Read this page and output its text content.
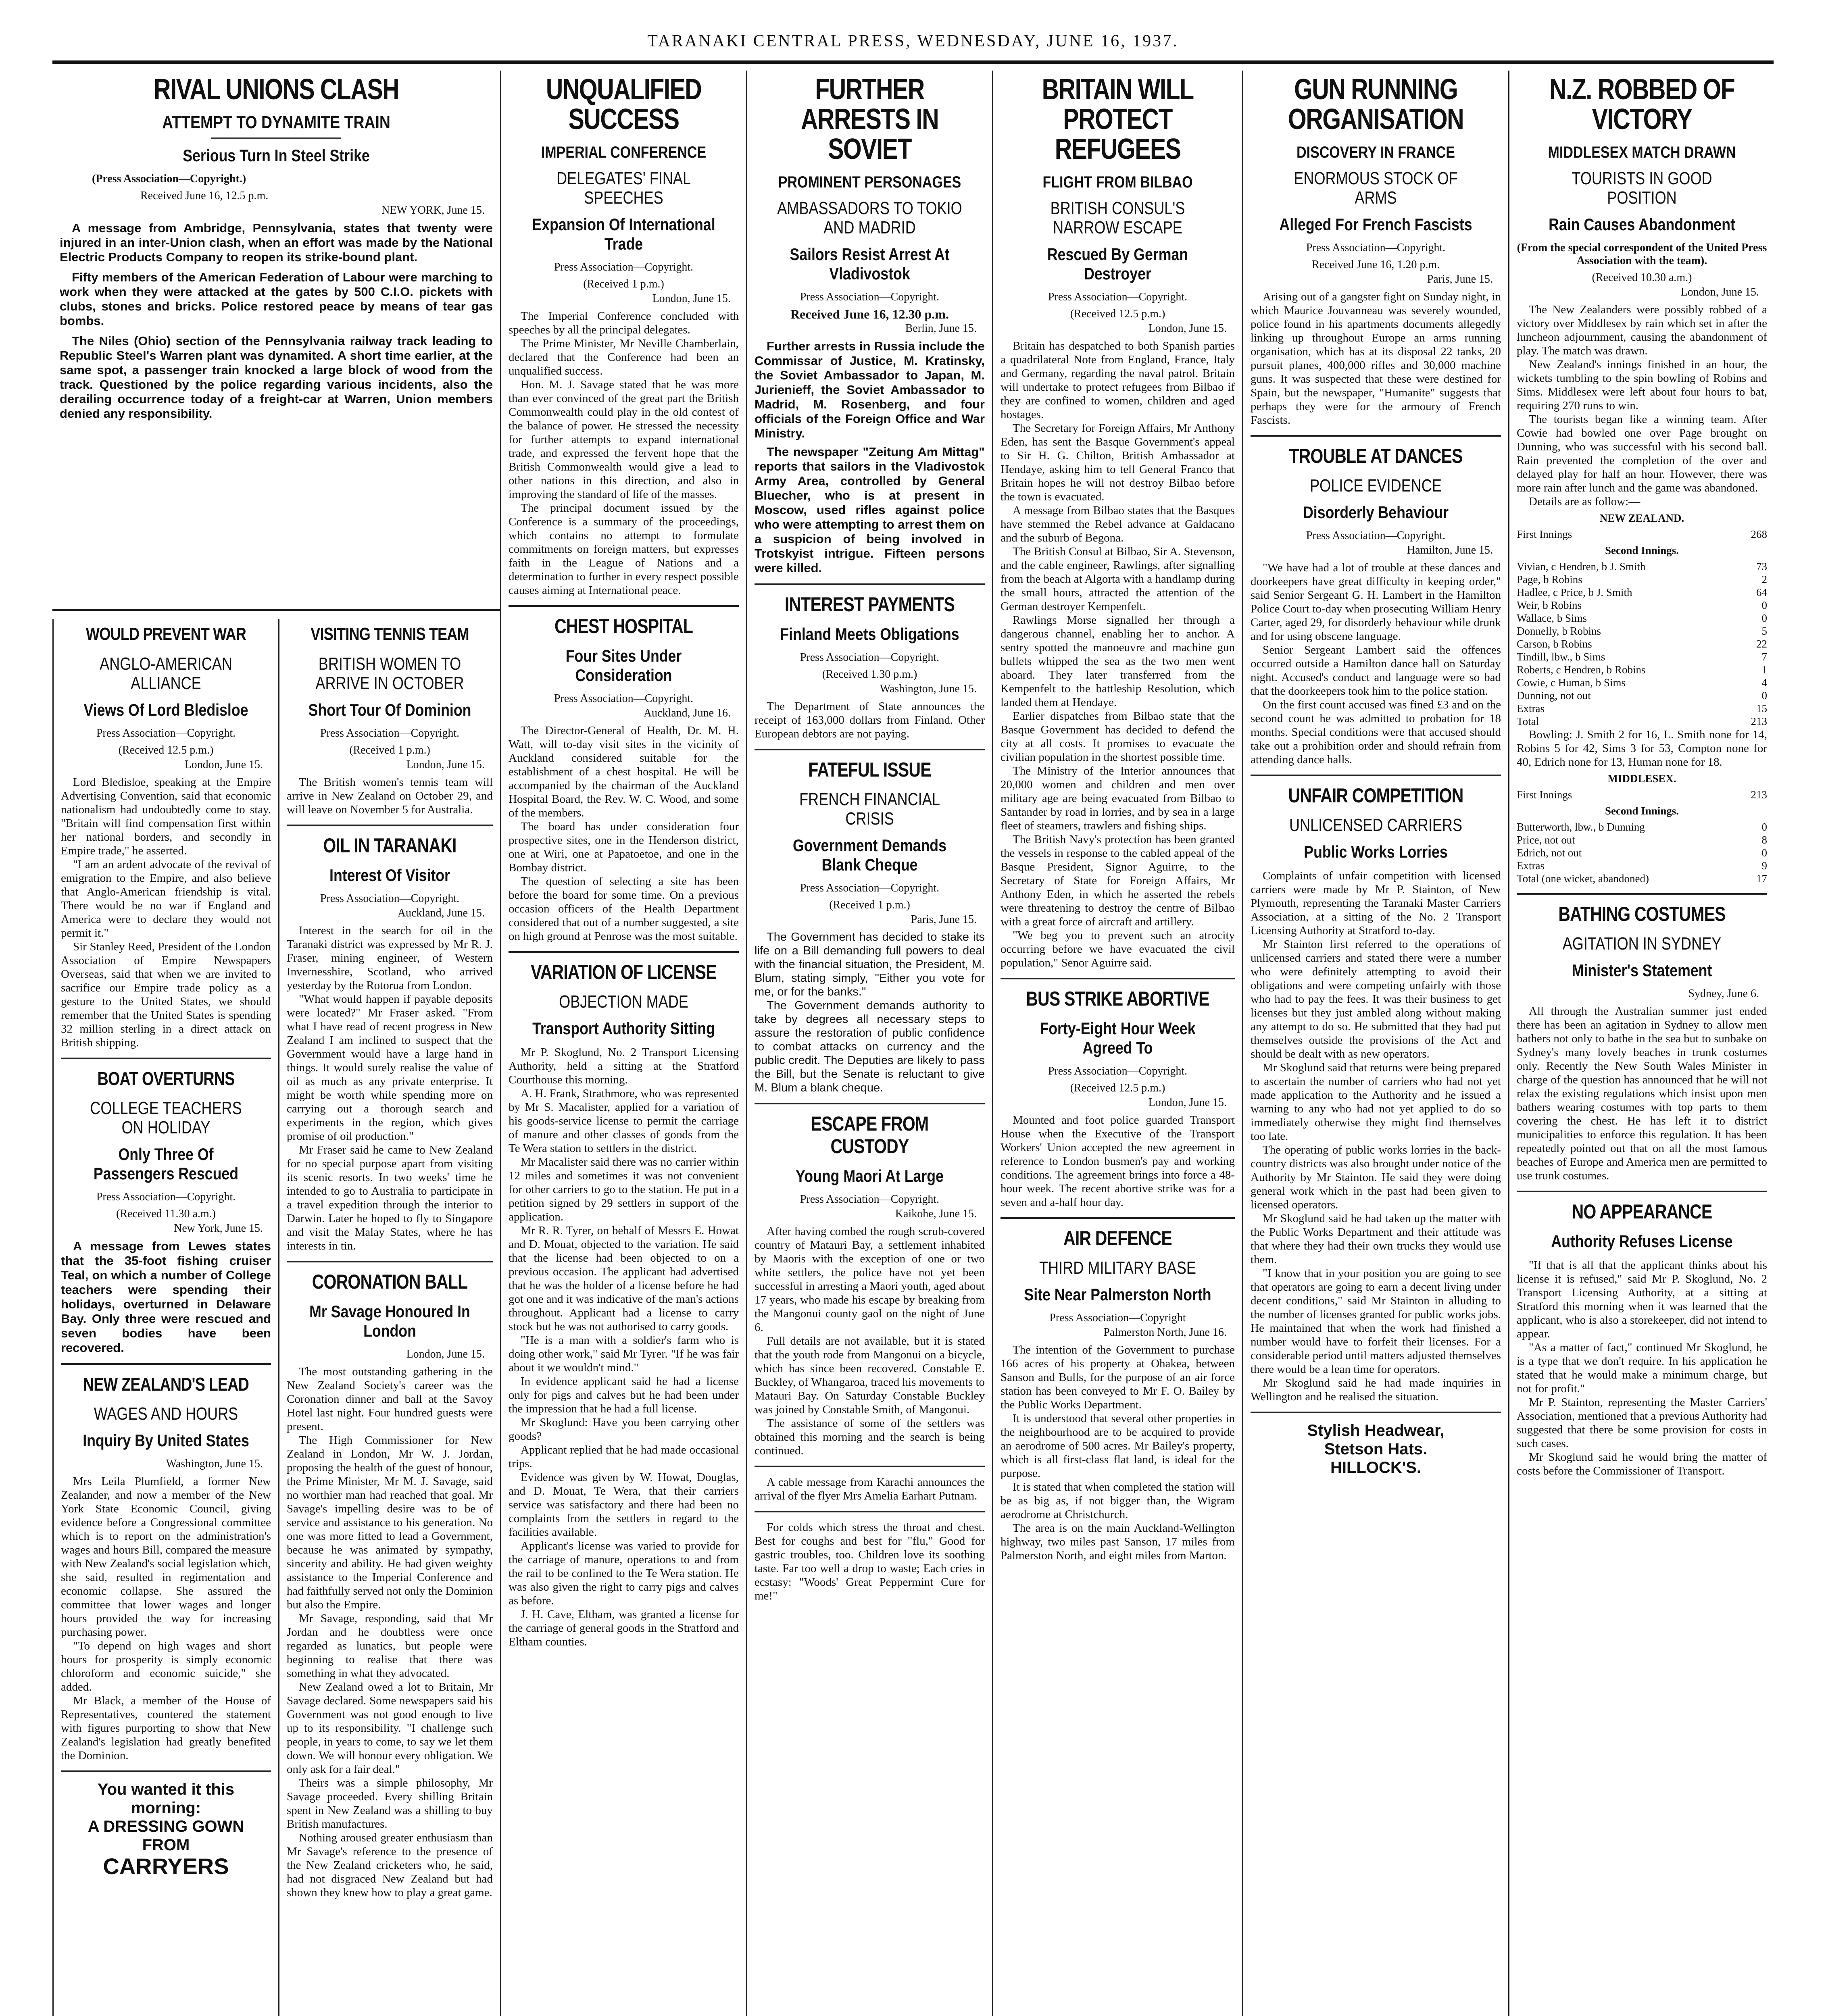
TARANAKI CENTRAL PRESS, WEDNESDAY, JUNE 16, 1937.
RIVAL UNIONS CLASH
ATTEMPT TO DYNAMITE TRAIN
Serious Turn In Steel Strike
(Press Association—Copyright.)
Received June 16, 12.5 p.m.
NEW YORK, June 15.

A message from Ambridge, Pennsylvania, states that twenty were injured in an inter-Union clash, when an effort was made by the National Electric Products Company to reopen its strike-bound plant.

Fifty members of the American Federation of Labour were marching to work when they were attacked at the gates by 500 C.I.O. pickets with clubs, stones and bricks. Police restored peace by means of tear gas bombs.

The Niles (Ohio) section of the Pennsylvania railway track leading to Republic Steel's Warren plant was dynamited. A short time earlier, at the same spot, a passenger train knocked a large block of wood from the track. Questioned by the police regarding various incidents, also the derailing occurrence today of a freight-car at Warren, Union members denied any responsibility.

WOULD PREVENT WAR
ANGLO-AMERICAN ALLIANCE
Views Of Lord Bledisloe
Press Association—Copyright.
(Received 12.5 p.m.)
London, June 15.

Lord Bledisloe, speaking at the Empire Advertising Convention, said that economic nationalism had undoubtedly come to stay. "Britain will find compensation first within her national borders, and secondly in Empire trade," he asserted.

"I am an ardent advocate of the revival of emigration to the Empire, and also believe that Anglo-American friendship is vital. There would be no war if England and America were to declare they would not permit it."

Sir Stanley Reed, President of the London Association of Empire Newspapers Overseas, said that when we are invited to sacrifice our Empire trade policy as a gesture to the United States, we should remember that the United States is spending 32 million sterling in a direct attack on British shipping.

BOAT OVERTURNS
COLLEGE TEACHERS ON HOLIDAY
Only Three Of Passengers Rescued
Press Association—Copyright.
(Received 11.30 a.m.)
New York, June 15.

A message from Lewes states that the 35-foot fishing cruiser Teal, on which a number of College teachers were spending their holidays, overturned in Delaware Bay. Only three were rescued and seven bodies have been recovered.

NEW ZEALAND'S LEAD
WAGES AND HOURS
Inquiry By United States
Washington, June 15.

Mrs Leila Plumfield, a former New Zealander, and now a member of the New York State Economic Council, giving evidence before a Congressional committee which is to report on the administration's wages and hours Bill, compared the measure with New Zealand's social legislation which, she said, resulted in regimentation and economic collapse. She assured the committee that lower wages and longer hours provided the way for increasing purchasing power.

"To depend on high wages and short hours for prosperity is simply economic chloroform and economic suicide," she added.

Mr Black, a member of the House of Representatives, countered the statement with figures purporting to show that New Zealand's legislation had greatly benefited the Dominion.

You wanted it this morning:
A DRESSING GOWN
FROM
CARRYERS
VISITING TENNIS TEAM
BRITISH WOMEN TO ARRIVE IN OCTOBER
Short Tour Of Dominion
Press Association—Copyright.
(Received 1 p.m.)
London, June 15.

The British women's tennis team will arrive in New Zealand on October 29, and will leave on November 5 for Australia.

OIL IN TARANAKI
Interest Of Visitor
Press Association—Copyright.
Auckland, June 15.

Interest in the search for oil in the Taranaki district was expressed by Mr R. J. Fraser, mining engineer, of Western Invernesshire, Scotland, who arrived yesterday by the Rotorua from London.

"What would happen if payable deposits were located?" Mr Fraser asked. "From what I have read of recent progress in New Zealand I am inclined to suspect that the Government would have a large hand in things. It would surely realise the value of oil as much as any private enterprise. It might be worth while spending more on carrying out a thorough search and experiments in the region, which gives promise of oil production."

Mr Fraser said he came to New Zealand for no special purpose apart from visiting its scenic resorts. In two weeks' time he intended to go to Australia to participate in a travel expedition through the interior to Darwin. Later he hoped to fly to Singapore and visit the Malay States, where he has interests in tin.

CORONATION BALL
Mr Savage Honoured In London
London, June 15.

The most outstanding gathering in the New Zealand Society's career was the Coronation dinner and ball at the Savoy Hotel last night. Four hundred guests were present.

The High Commissioner for New Zealand in London, Mr W. J. Jordan, proposing the health of the guest of honour, the Prime Minister, Mr M. J. Savage, said no worthier man had reached that goal. Mr Savage's impelling desire was to be of service and assistance to his generation. No one was more fitted to lead a Government, because he was animated by sympathy, sincerity and ability. He had given weighty assistance to the Imperial Conference and had faithfully served not only the Dominion but also the Empire.

Mr Savage, responding, said that Mr Jordan and he doubtless were once regarded as lunatics, but people were beginning to realise that there was something in what they advocated.

New Zealand owed a lot to Britain, Mr Savage declared. Some newspapers said his Government was not good enough to live up to its responsibility. "I challenge such people, in years to come, to say we let them down. We will honour every obligation. We only ask for a fair deal."

Theirs was a simple philosophy, Mr Savage proceeded. Every shilling Britain spent in New Zealand was a shilling to buy British manufactures.

Nothing aroused greater enthusiasm than Mr Savage's reference to the presence of the New Zealand cricketers who, he said, had not disgraced New Zealand but had shown they knew how to play a great game.

UNQUALIFIED SUCCESS
IMPERIAL CONFERENCE
DELEGATES' FINAL SPEECHES
Expansion Of International Trade
Press Association—Copyright.
(Received 1 p.m.)
London, June 15.

The Imperial Conference concluded with speeches by all the principal delegates.

The Prime Minister, Mr Neville Chamberlain, declared that the Conference had been an unqualified success.

Hon. M. J. Savage stated that he was more than ever convinced of the great part the British Commonwealth could play in the old contest of the balance of power. He stressed the necessity for further attempts to expand international trade, and expressed the fervent hope that the British Commonwealth would give a lead to other nations in this direction, and also in improving the standard of life of the masses.

The principal document issued by the Conference is a summary of the proceedings, which contains no attempt to formulate commitments on foreign matters, but expresses faith in the League of Nations and a determination to further in every respect possible causes aiming at International peace.

CHEST HOSPITAL
Four Sites Under Consideration
Press Association—Copyright.
Auckland, June 16.

The Director-General of Health, Dr. M. H. Watt, will to-day visit sites in the vicinity of Auckland considered suitable for the establishment of a chest hospital. He will be accompanied by the chairman of the Auckland Hospital Board, the Rev. W. C. Wood, and some of the members.

The board has under consideration four prospective sites, one in the Henderson district, one at Wiri, one at Papatoetoe, and one in the Bombay district.

The question of selecting a site has been before the board for some time. On a previous occasion officers of the Health Department considered that out of a number suggested, a site on high ground at Penrose was the most suitable.

VARIATION OF LICENSE
OBJECTION MADE
Transport Authority Sitting

Mr P. Skoglund, No. 2 Transport Licensing Authority, held a sitting at the Stratford Courthouse this morning.

A. H. Frank, Strathmore, who was represented by Mr S. Macalister, applied for a variation of his goods-service license to permit the carriage of manure and other classes of goods from the Te Wera station to settlers in the district.

Mr Macalister said there was no carrier within 12 miles and sometimes it was not convenient for other carriers to go to the station. He put in a petition signed by 29 settlers in support of the application.

Mr R. R. Tyrer, on behalf of Messrs E. Howat and D. Mouat, objected to the variation. He said that the license had been objected to on a previous occasion. The applicant had advertised that he was the holder of a license before he had got one and it was indicative of the man's actions throughout. Applicant had a license to carry stock but he was not authorised to carry goods.

"He is a man with a soldier's farm who is doing other work," said Mr Tyrer. "If he was fair about it we wouldn't mind."

In evidence applicant said he had a license only for pigs and calves but he had been under the impression that he had a full license.

Mr Skoglund: Have you been carrying other goods?

Applicant replied that he had made occasional trips.

Evidence was given by W. Howat, Douglas, and D. Mouat, Te Wera, that their carriers service was satisfactory and there had been no complaints from the settlers in regard to the facilities available.

Applicant's license was varied to provide for the carriage of manure, operations to and from the rail to be confined to the Te Wera station. He was also given the right to carry pigs and calves as before.

J. H. Cave, Eltham, was granted a license for the carriage of general goods in the Stratford and Eltham counties.

FURTHER ARRESTS IN SOVIET
PROMINENT PERSONAGES
AMBASSADORS TO TOKIO AND MADRID
Sailors Resist Arrest At Vladivostok
Press Association—Copyright.
Received June 16, 12.30 p.m.
Berlin, June 15.

Further arrests in Russia include the Commissar of Justice, M. Kratinsky, the Soviet Ambassador to Japan, M. Jurienieff, the Soviet Ambassador to Madrid, M. Rosenberg, and four officials of the Foreign Office and War Ministry.

The newspaper "Zeitung Am Mittag" reports that sailors in the Vladivostok Army Area, controlled by General Bluecher, who is at present in Moscow, used rifles against police who were attempting to arrest them on a suspicion of being involved in Trotskyist intrigue. Fifteen persons were killed.

INTEREST PAYMENTS
Finland Meets Obligations
Press Association—Copyright.
(Received 1.30 p.m.)
Washington, June 15.

The Department of State announces the receipt of 163,000 dollars from Finland. Other European debtors are not paying.

FATEFUL ISSUE
FRENCH FINANCIAL CRISIS
Government Demands Blank Cheque
Press Association—Copyright.
(Received 1 p.m.)
Paris, June 15.

The Government has decided to stake its life on a Bill demanding full powers to deal with the financial situation, the President, M. Blum, stating simply, "Either you vote for me, or for the banks."

The Government demands authority to take by degrees all necessary steps to assure the restoration of public confidence to combat attacks on currency and the public credit. The Deputies are likely to pass the Bill, but the Senate is reluctant to give M. Blum a blank cheque.

ESCAPE FROM CUSTODY
Young Maori At Large
Press Association—Copyright.
Kaikohe, June 15.

After having combed the rough scrub-covered country of Matauri Bay, a settlement inhabited by Maoris with the exception of one or two white settlers, the police have not yet been successful in arresting a Maori youth, aged about 17 years, who made his escape by breaking from the Mangonui county gaol on the night of June 6.

Full details are not available, but it is stated that the youth rode from Mangonui on a bicycle, which has since been recovered. Constable E. Buckley, of Whangaroa, traced his movements to Matauri Bay. On Saturday Constable Buckley was joined by Constable Smith, of Mangonui.

The assistance of some of the settlers was obtained this morning and the search is being continued.

A cable message from Karachi announces the arrival of the flyer Mrs Amelia Earhart Putnam.

For colds which stress the throat and chest. Best for coughs and best for "flu," Good for gastric troubles, too. Children love its soothing taste. Far too well a drop to waste; Each cries in ecstasy: "Woods' Great Peppermint Cure for me!"

BRITAIN WILL PROTECT REFUGEES
FLIGHT FROM BILBAO
BRITISH CONSUL'S NARROW ESCAPE
Rescued By German Destroyer
Press Association—Copyright.
(Received 12.5 p.m.)
London, June 15.

Britain has despatched to both Spanish parties a quadrilateral Note from England, France, Italy and Germany, regarding the naval patrol. Britain will undertake to protect refugees from Bilbao if they are confined to women, children and aged hostages.

The Secretary for Foreign Affairs, Mr Anthony Eden, has sent the Basque Government's appeal to Sir H. G. Chilton, British Ambassador at Hendaye, asking him to tell General Franco that Britain hopes he will not destroy Bilbao before the town is evacuated.

A message from Bilbao states that the Basques have stemmed the Rebel advance at Galdacano and the suburb of Begona.

The British Consul at Bilbao, Sir A. Stevenson, and the cable engineer, Rawlings, after signalling from the beach at Algorta with a handlamp during the small hours, attracted the attention of the German destroyer Kempenfelt.

Rawlings Morse signalled her through a dangerous channel, enabling her to anchor. A sentry spotted the manoeuvre and machine gun bullets whipped the sea as the two men went aboard. They later transferred from the Kempenfelt to the battleship Resolution, which landed them at Hendaye.

Earlier dispatches from Bilbao state that the Basque Government has decided to defend the city at all costs. It promises to evacuate the civilian population in the shortest possible time.

The Ministry of the Interior announces that 20,000 women and children and men over military age are being evacuated from Bilbao to Santander by road in lorries, and by sea in a large fleet of steamers, trawlers and fishing ships.

The British Navy's protection has been granted the vessels in response to the cabled appeal of the Basque President, Signor Aguirre, to the Secretary of State for Foreign Affairs, Mr Anthony Eden, in which he asserted the rebels were threatening to destroy the centre of Bilbao with a great force of aircraft and artillery.

"We beg you to prevent such an atrocity occurring before we have evacuated the civil population," Senor Aguirre said.

BUS STRIKE ABORTIVE
Forty-Eight Hour Week Agreed To
Press Association—Copyright.
(Received 12.5 p.m.)
London, June 15.

Mounted and foot police guarded Transport House when the Executive of the Transport Workers' Union accepted the new agreement in reference to London busmen's pay and working conditions. The agreement brings into force a 48-hour week. The recent abortive strike was for a seven and a-half hour day.

AIR DEFENCE
THIRD MILITARY BASE
Site Near Palmerston North
Press Association—Copyright
Palmerston North, June 16.

The intention of the Government to purchase 166 acres of his property at Ohakea, between Sanson and Bulls, for the purpose of an air force station has been conveyed to Mr F. O. Bailey by the Public Works Department.

It is understood that several other properties in the neighbourhood are to be acquired to provide an aerodrome of 500 acres. Mr Bailey's property, which is all first-class flat land, is ideal for the purpose.

It is stated that when completed the station will be as big as, if not bigger than, the Wigram aerodrome at Christchurch.

The area is on the main Auckland-Wellington highway, two miles past Sanson, 17 miles from Palmerston North, and eight miles from Marton.

GUN RUNNING ORGANISATION
DISCOVERY IN FRANCE
ENORMOUS STOCK OF ARMS
Alleged For French Fascists
Press Association—Copyright.
Received June 16, 1.20 p.m.
Paris, June 15.

Arising out of a gangster fight on Sunday night, in which Maurice Jouvanneau was severely wounded, police found in his apartments documents allegedly linking up throughout Europe an arms running organisation, which has at its disposal 22 tanks, 20 pursuit planes, 400,000 rifles and 30,000 machine guns. It was suspected that these were destined for Spain, but the newspaper, "Humanite" suggests that perhaps they were for the armoury of French Fascists.

TROUBLE AT DANCES
POLICE EVIDENCE
Disorderly Behaviour
Press Association—Copyright.
Hamilton, June 15.

"We have had a lot of trouble at these dances and doorkeepers have great difficulty in keeping order," said Senior Sergeant G. H. Lambert in the Hamilton Police Court to-day when prosecuting William Henry Carter, aged 29, for disorderly behaviour while drunk and for using obscene language.

Senior Sergeant Lambert said the offences occurred outside a Hamilton dance hall on Saturday night. Accused's conduct and language were so bad that the doorkeepers took him to the police station.

On the first count accused was fined £3 and on the second count he was admitted to probation for 18 months. Special conditions were that accused should take out a prohibition order and should refrain from attending dance halls.

UNFAIR COMPETITION
UNLICENSED CARRIERS
Public Works Lorries

Complaints of unfair competition with licensed carriers were made by Mr P. Stainton, of New Plymouth, representing the Taranaki Master Carriers Association, at a sitting of the No. 2 Transport Licensing Authority at Stratford to-day.

Mr Stainton first referred to the operations of unlicensed carriers and stated there were a number who were definitely attempting to avoid their obligations and were competing unfairly with those who had to pay the fees. It was their business to get licenses but they just ambled along without making any attempt to do so. He submitted that they had put themselves outside the provisions of the Act and should be dealt with as new operators.

Mr Skoglund said that returns were being prepared to ascertain the number of carriers who had not yet made application to the Authority and he issued a warning to any who had not yet applied to do so immediately otherwise they might find themselves too late.

The operating of public works lorries in the back-country districts was also brought under notice of the Authority by Mr Stainton. He said they were doing general work which in the past had been given to licensed operators.

Mr Skoglund said he had taken up the matter with the Public Works Department and their attitude was that where they had their own trucks they would use them.

"I know that in your position you are going to see that operators are going to earn a decent living under decent conditions," said Mr Stainton in alluding to the number of licenses granted for public works jobs. He maintained that when the work had finished a number would have to forfeit their licenses. For a considerable period until matters adjusted themselves there would be a lean time for operators.

Mr Skoglund said he had made inquiries in Wellington and he realised the situation.

Stylish Headwear,
Stetson Hats.
HILLOCK'S.
N.Z. ROBBED OF VICTORY
MIDDLESEX MATCH DRAWN
TOURISTS IN GOOD POSITION
Rain Causes Abandonment
(From the special correspondent of the United Press Association with the team).
(Received 10.30 a.m.)
London, June 15.

The New Zealanders were possibly robbed of a victory over Middlesex by rain which set in after the luncheon adjournment, causing the abandonment of play. The match was drawn.

New Zealand's innings finished in an hour, the wickets tumbling to the spin bowling of Robins and Sims. Middlesex were left about four hours to bat, requiring 270 runs to win.

The tourists began like a winning team. After Cowie had bowled one over Page brought on Dunning, who was successful with his second ball. Rain prevented the completion of the over and delayed play for half an hour. However, there was more rain after lunch and the game was abandoned.

Details are as follow:—

NEW ZEALAND.
First Innings	268
Second Innings.
Vivian, c Hendren, b J. Smith	73
Page, b Robins	2
Hadlee, c Price, b J. Smith	64
Weir, b Robins	0
Wallace, b Sims	0
Donnelly, b Robins	5
Carson, b Robins	22
Tindill, lbw., b Sims	7
Roberts, c Hendren, b Robins	1
Cowie, c Human, b Sims	4
Dunning, not out	0
Extras	15
Total	213

Bowling: J. Smith 2 for 16, L. Smith none for 14, Robins 5 for 42, Sims 3 for 53, Compton none for 40, Edrich none for 13, Human none for 18.

MIDDLESEX.
First Innings	213
Second Innings.
Butterworth, lbw., b Dunning	0
Price, not out	8
Edrich, not out	0
Extras	9
Total (one wicket, abandoned)	17
BATHING COSTUMES
AGITATION IN SYDNEY
Minister's Statement
Sydney, June 6.

All through the Australian summer just ended there has been an agitation in Sydney to allow men bathers not only to bathe in the sea but to sunbake on Sydney's many lovely beaches in trunk costumes only. Recently the New South Wales Minister in charge of the question has announced that he will not relax the existing regulations which insist upon men bathers wearing costumes with top parts to them covering the chest. He has left it to district municipalities to enforce this regulation. It has been repeatedly pointed out that on all the most famous beaches of Europe and America men are permitted to use trunk costumes.

NO APPEARANCE
Authority Refuses License

"If that is all that the applicant thinks about his license it is refused," said Mr P. Skoglund, No. 2 Transport Licensing Authority, at a sitting at Stratford this morning when it was learned that the applicant, who is also a storekeeper, did not intend to appear.

"As a matter of fact," continued Mr Skoglund, he is a type that we don't require. In his application he stated that he would make a minimum charge, but not for profit."

Mr P. Stainton, representing the Master Carriers' Association, mentioned that a previous Authority had suggested that there be some provision for costs in such cases.

Mr Skoglund said he would bring the matter of costs before the Commissioner of Transport.
